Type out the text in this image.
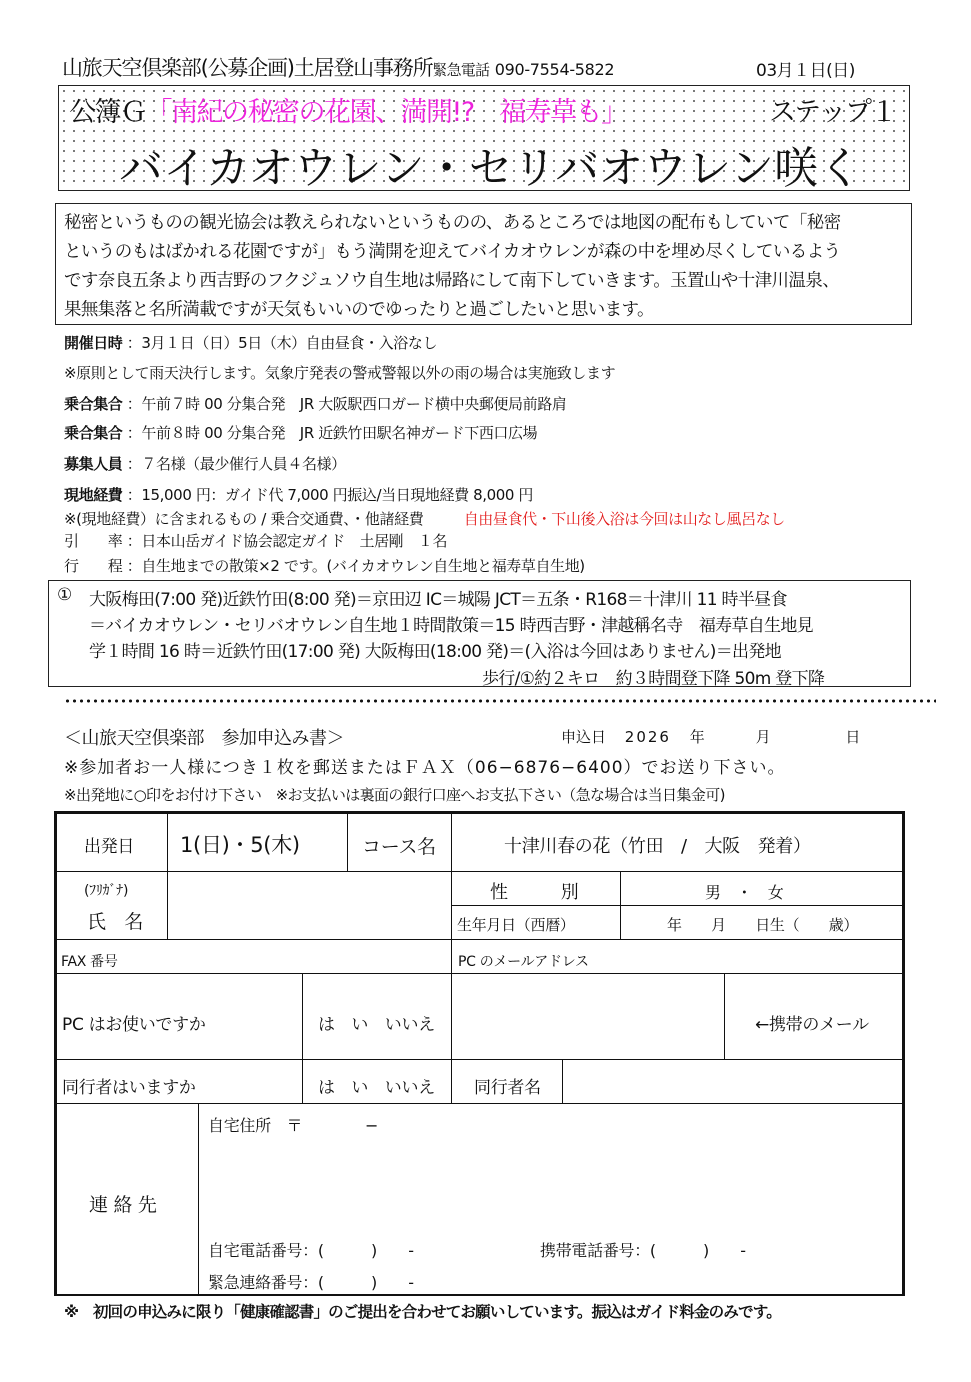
山旅天空倶楽部(公募企画)土居登山事務所緊急電話 090-7554-5822	03月１日(日)
公簿Ｇ「南紀の秘密の花園、満開!?　福寿草も」	ステップ１
バイカオウレン・セリバオウレン咲く
秘密というものの観光協会は教えられないというものの、あるところでは地図の配布もしていて「秘密
というのもはばかれる花園ですが」もう満開を迎えてバイカオウレンが森の中を埋め尽くしているよう
です奈良五条より西吉野のフクジュソウ自生地は帰路にして南下していきます。玉置山や十津川温泉、
果無集落と名所満載ですが天気もいいのでゆったりと過ごしたいと思います。
開催日時 ：3月１日（日）5日（木）自由昼食・入浴なし
※原則として雨天決行します。気象庁発表の警戒警報以外の雨の場合は実施致します
乗合集合 ：午前７時 00 分集合発　JR 大阪駅西口ガード横中央郵便局前路肩
乗合集合 ：午前８時 00 分集合発　JR 近鉄竹田駅名神ガード下西口広場
募集人員 ：７名様（最少催行人員４名様）
現地経費 ：15,000 円：ガイド代 7,000 円振込/当日現地経費 8,000 円
※(現地経費）に含まれるもの / 乗合交通費、・他諸経費	自由昼食代・下山後入浴は今回は山なし風呂なし
引　　率 ：日本山岳ガイド協会認定ガイド　土居剛　１名
行　　程 ：自生地までの散策×2 です。(バイカオウレン自生地と福寿草自生地)
① 大阪梅田(7:00 発)近鉄竹田(8:00 発)＝京田辺 IC＝城陽 JCT＝五条・R168＝十津川 11 時半昼食
＝バイカオウレン・セリバオウレン自生地１時間散策＝15 時西吉野・津越稱名寺　福寿草自生地見
学１時間 16 時＝近鉄竹田(17:00 発) 大阪梅田(18:00 発)＝(入浴は今回はありません)＝出発地
歩行/①約２キロ　約３時間登下降 50m 登下降
＜山旅天空倶楽部　参加申込み書＞	申込日 2026 年	月	日
※参加者お一人様につき１枚を郵送またはＦＡＸ（06−6876−6400）でお送り下さい。
※出発地に○印をお付け下さい　※お支払いは裏面の銀行口座へお支払下さい（急な場合は当日集金可)
出発日 1(日)・5(木)	コース名	十津川春の花（竹田　/　大阪　発着）
(ﾌﾘｶﾞﾅ)
氏　名
性　　　別	男　・　女
生年月日（西暦）	年　　月　　日生（　　歳）
FAX 番号	PC のメールアドレス
PC はお使いですか	は　い　いいえ	←携帯のメール
同行者はいますか	は　い　いいえ 同行者名
連 絡 先
自宅住所　〒　　　　−
自宅電話番号：(　　　)　　-	携帯電話番号：(　　　)　　-
緊急連絡番号：(　　　)　　-
※　初回の申込みに限り「健康確認書」のご提出を合わせてお願いしています。振込はガイド料金のみです。
